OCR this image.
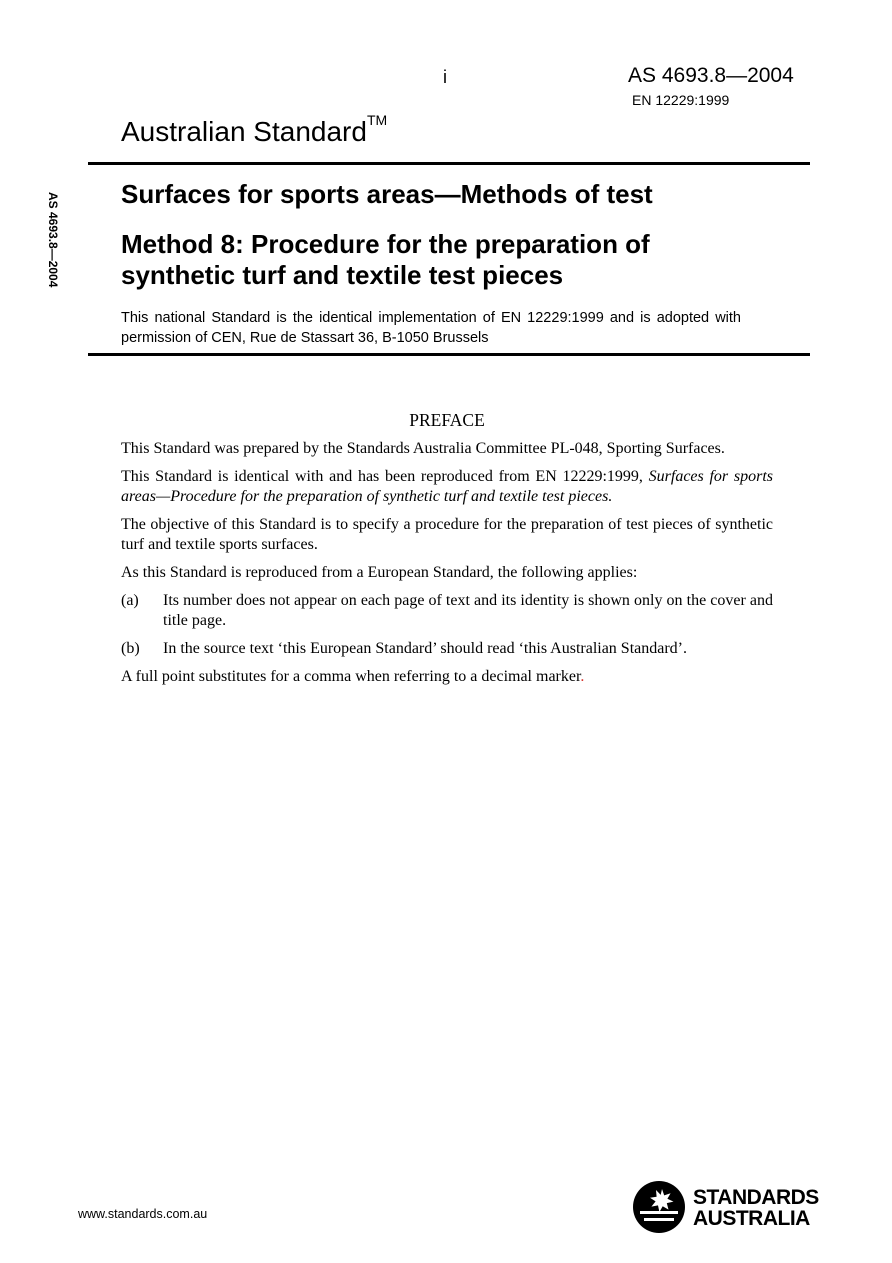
i	AS 4693.8—2004
EN 12229:1999
Australian Standard™
AS 4693.8—2004 Surfaces for sports areas—Methods of test
Method 8: Procedure for the preparation of synthetic turf and textile test pieces
This national Standard is the identical implementation of EN 12229:1999 and is adopted with permission of CEN, Rue de Stassart 36, B-1050 Brussels
PREFACE

This Standard was prepared by the Standards Australia Committee PL-048, Sporting Surfaces.

This Standard is identical with and has been reproduced from EN 12229:1999, Surfaces for sports areas—Procedure for the preparation of synthetic turf and textile test pieces.

The objective of this Standard is to specify a procedure for the preparation of test pieces of synthetic turf and textile sports surfaces.

As this Standard is reproduced from a European Standard, the following applies:

(a)	Its number does not appear on each page of text and its identity is shown only on the cover and title page.
(b)	In the source text ‘this European Standard’ should read ‘this Australian Standard’.

A full point substitutes for a comma when referring to a decimal marker.

www.standards.com.au
STANDARDS
AUSTRALIA
